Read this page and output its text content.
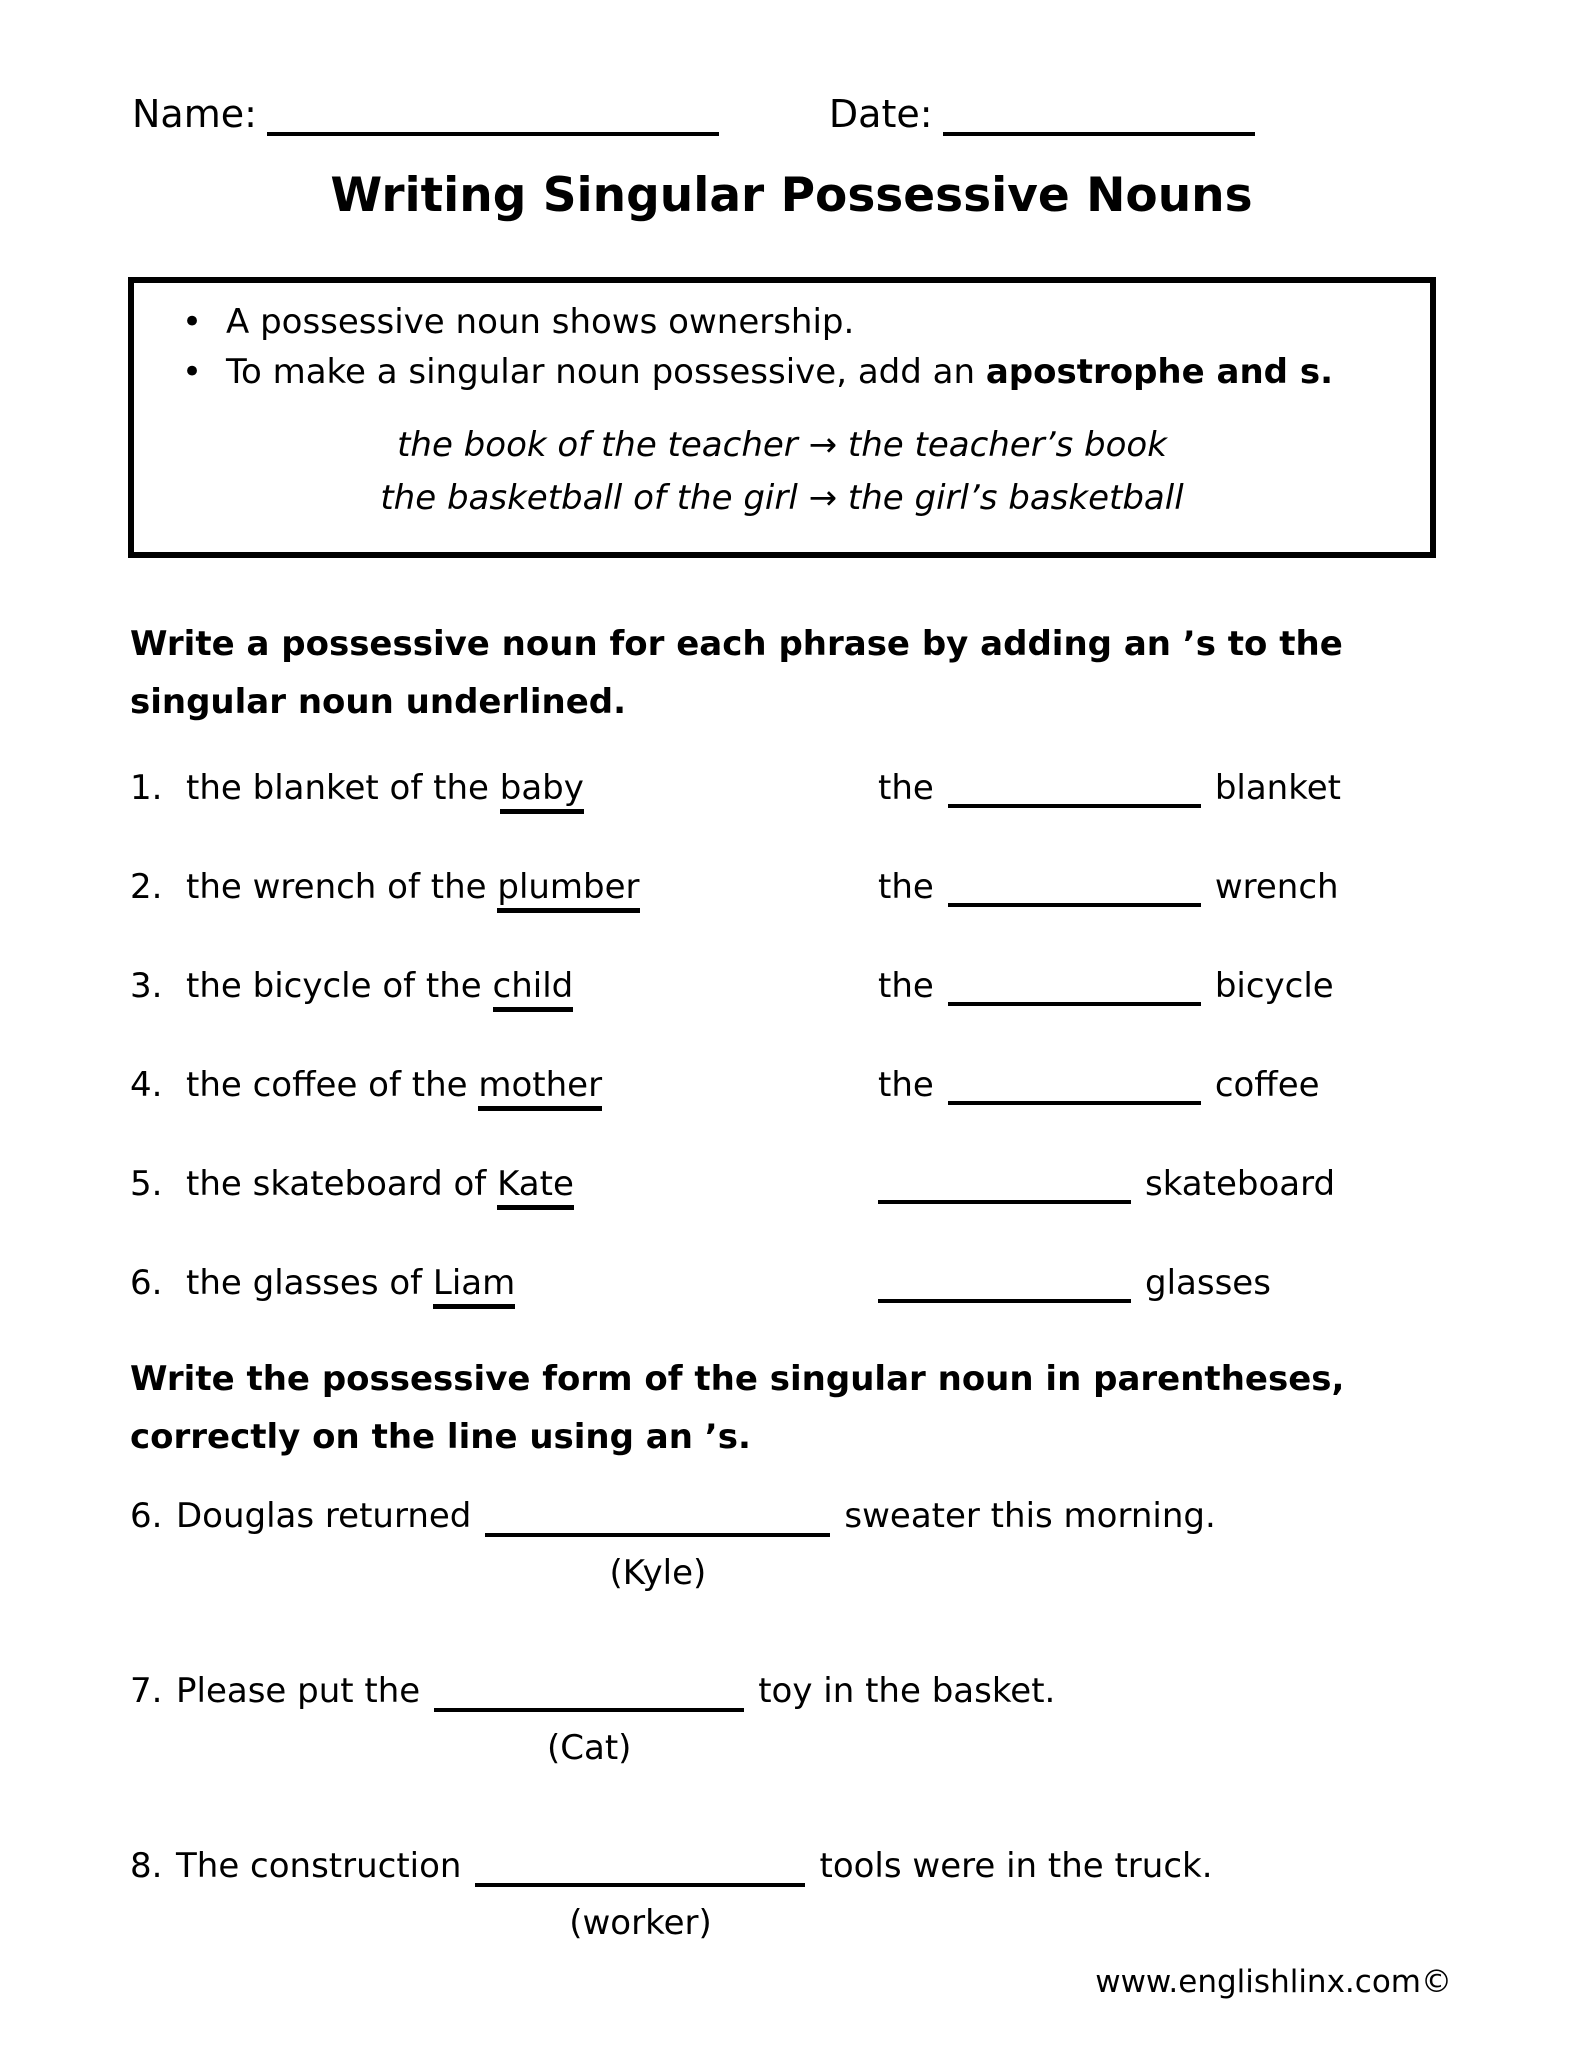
Name:	Date:
Writing Singular Possessive Nouns
• A possessive noun shows ownership.
• To make a singular noun possessive, add an apostrophe and s.
the book of the teacher → the teacher’s book
the basketball of the girl → the girl’s basketball
Write a possessive noun for each phrase by adding an ’s to the singular noun underlined.
1. the blanket of the baby	the	blanket
2. the wrench of the plumber	the	wrench
3. the bicycle of the child	the	bicycle
4. the coffee of the mother	the	coffee
5. the skateboard of Kate	skateboard
6. the glasses of Liam	glasses
Write the possessive form of the singular noun in parentheses, correctly on the line using an ’s.
6. Douglas returned
(Kyle)
sweater this morning.
7. Please put the
(Cat)
toy in the basket.
8. The construction
(worker)
tools were in the truck.
www.englishlinx.com©
